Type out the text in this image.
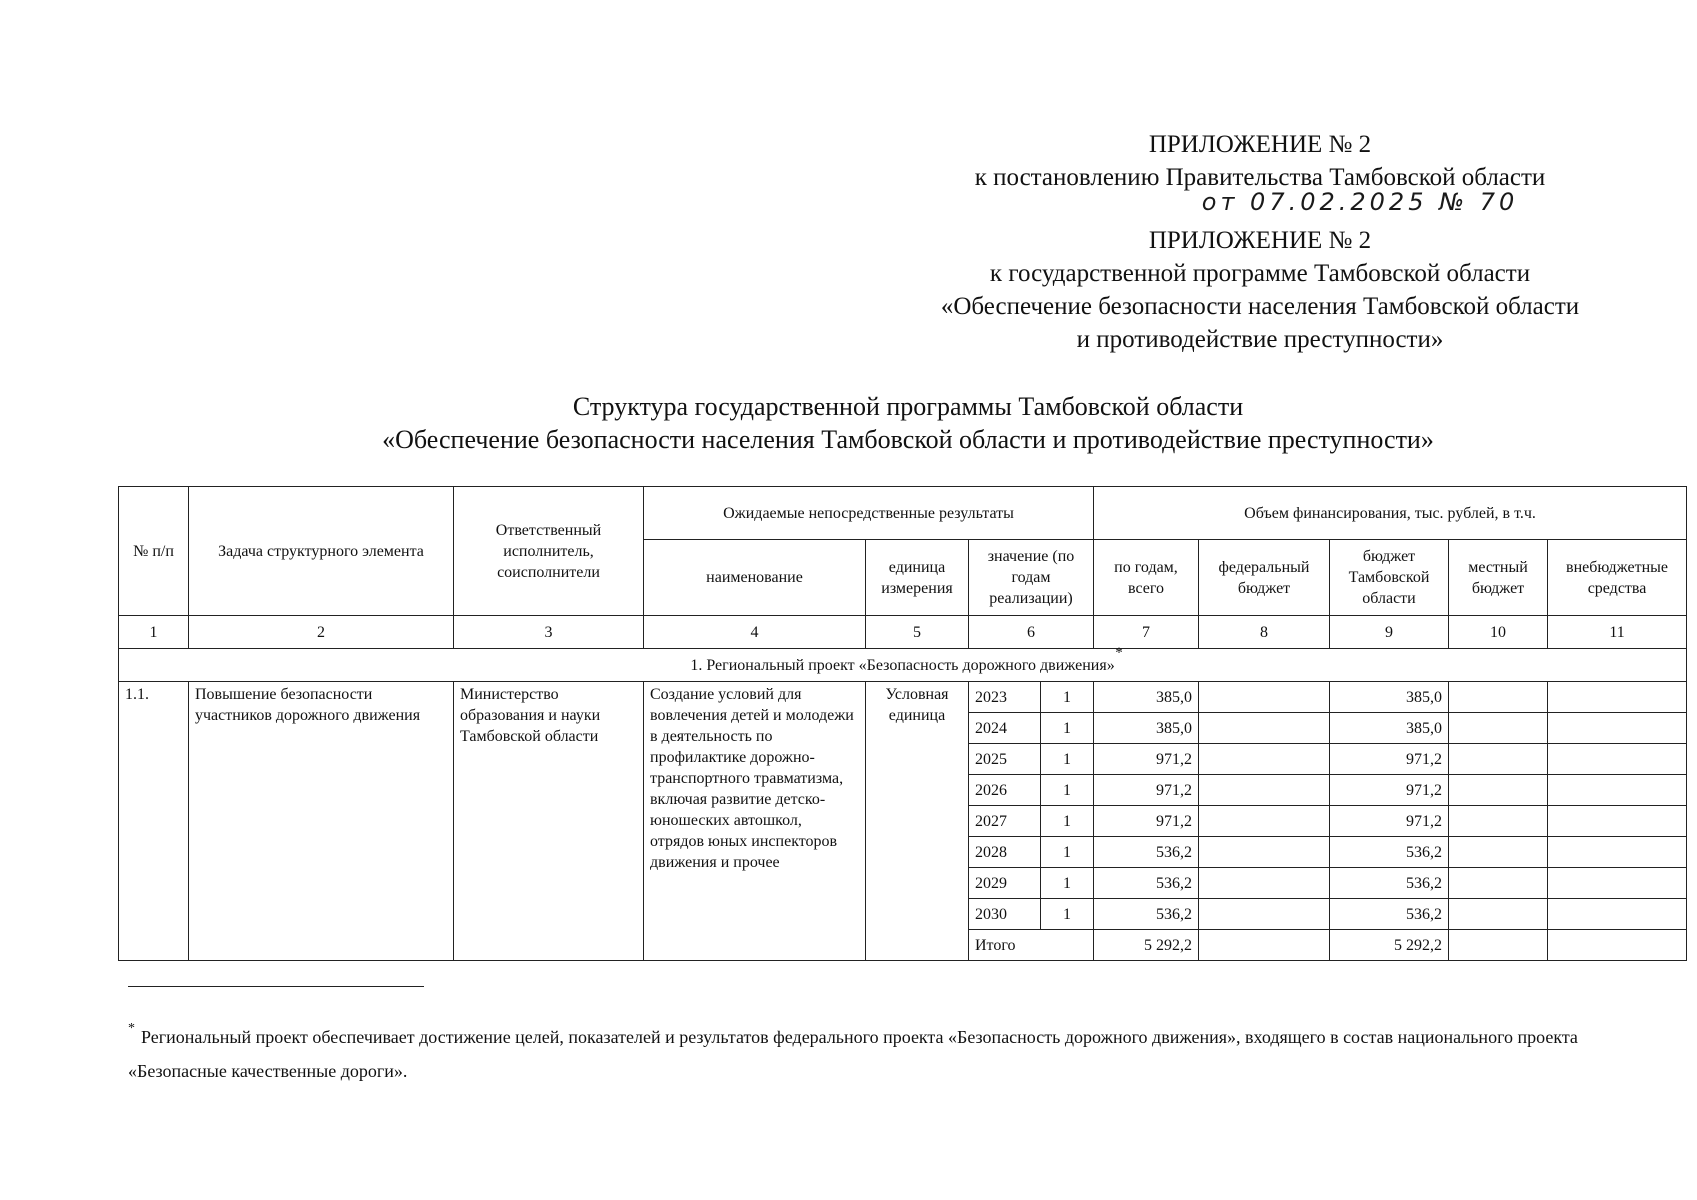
ПРИЛОЖЕНИЕ № 2
к постановлению Правительства Тамбовской области
от 07.02.2025 № 70
ПРИЛОЖЕНИЕ № 2
к государственной программе Тамбовской области
«Обеспечение безопасности населения Тамбовской области
и противодействие преступности»
Структура государственной программы Тамбовской области
«Обеспечение безопасности населения Тамбовской области и противодействие преступности»
№ п/п	Задача структурного элемента	Ответственный исполнитель, соисполнители	Ожидаемые непосредственные результаты				Объем финансирования, тыс. рублей, в т.ч.				
			наименование	единица измерения	значение (по годам реализации)		по годам, всего	федеральный бюджет	бюджет Тамбовской области	местный бюджет	внебюджетные средства
1	2	3	4	5	6		7	8	9	10	11
1. Региональный проект «Безопасность дорожного движения»
*											

1.1.	Повышение безопасности участников дорожного движения	Министерство образования и науки Тамбовской области	Создание условий для вовлечения детей и молодежи в деятельность по профилактике дорожно-транспортного травматизма, включая развитие детско-юношеских автошкол, отрядов юных инспекторов движения и прочее	Условная единица	2023	1	385,0		385,0		
					2024	1	385,0		385,0		
					2025	1	971,2		971,2		
					2026	1	971,2		971,2		
					2027	1	971,2		971,2		
					2028	1	536,2		536,2		
					2029	1	536,2		536,2		
					2030	1	536,2		536,2		
					Итого		5 292,2		5 292,2		
* Региональный проект обеспечивает достижение целей, показателей и результатов федерального проекта «Безопасность дорожного движения», входящего в состав национального проекта «Безопасные качественные дороги».
